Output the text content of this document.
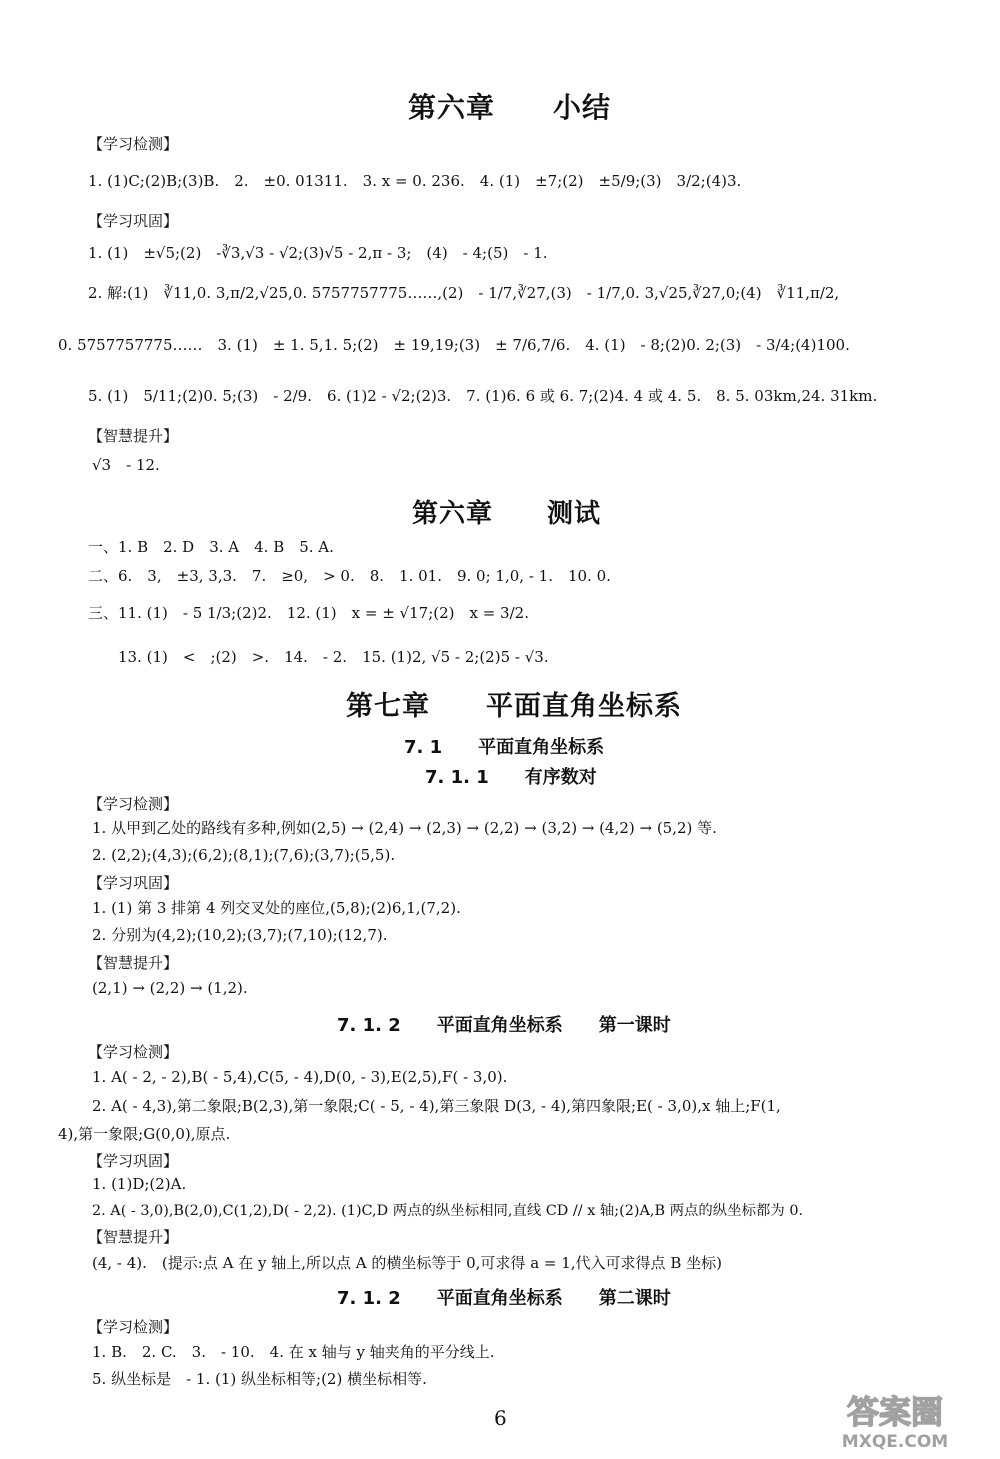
第六章　　小结
【学习检测】
1. (1)C;(2)B;(3)B.　2.　±0. 01311.　3. x = 0. 236.　4. (1)　±7;(2)　±5/9;(3)　3/2;(4)3.
【学习巩固】
1. (1)　±√5;(2)　-∛3,√3 - √2;(3)√5 - 2,π - 3;　(4)　- 4;(5)　- 1.
2. 解:(1)　∛11,0. 3,π/2,√25,0. 5757757775……,(2)　- 1/7,∛27,(3)　- 1/7,0. 3,√25,∛27,0;(4)　∛11,π/2,
0. 5757757775……　3. (1)　± 1. 5,1. 5;(2)　± 19,19;(3)　± 7/6,7/6.　4. (1)　- 8;(2)0. 2;(3)　- 3/4;(4)100.
5. (1)　5/11;(2)0. 5;(3)　- 2/9.　6. (1)2 - √2;(2)3.　7. (1)6. 6 或 6. 7;(2)4. 4 或 4. 5.　8. 5. 03km,24. 31km.
【智慧提升】
√3　- 12.
第六章　　测试
一、1. B　2. D　3. A　4. B　5. A.
二、6.　3,　±3, 3,3.　7.　≥0,　> 0.　8.　1. 01.　9. 0; 1,0, - 1.　10. 0.
三、11. (1)　- 5 1/3;(2)2.　12. (1)　x = ± √17;(2)　x = 3/2.
13. (1)　<　;(2)　>.　14.　- 2.　15. (1)2, √5 - 2;(2)5 - √3.
第七章　　平面直角坐标系
7. 1　　平面直角坐标系
7. 1. 1　　有序数对
【学习检测】
1. 从甲到乙处的路线有多种,例如(2,5) → (2,4) → (2,3) → (2,2) → (3,2) → (4,2) → (5,2) 等.
2. (2,2);(4,3);(6,2);(8,1);(7,6);(3,7);(5,5).
【学习巩固】
1. (1) 第 3 排第 4 列交叉处的座位,(5,8);(2)6,1,(7,2).
2. 分别为(4,2);(10,2);(3,7);(7,10);(12,7).
【智慧提升】
(2,1) → (2,2) → (1,2).
7. 1. 2　　平面直角坐标系　　第一课时
【学习检测】
1. A( - 2, - 2),B( - 5,4),C(5, - 4),D(0, - 3),E(2,5),F( - 3,0).
2. A( - 4,3),第二象限;B(2,3),第一象限;C( - 5, - 4),第三象限 D(3, - 4),第四象限;E( - 3,0),x 轴上;F(1,
4),第一象限;G(0,0),原点.
【学习巩固】
1. (1)D;(2)A.
2. A( - 3,0),B(2,0),C(1,2),D( - 2,2). (1)C,D 两点的纵坐标相同,直线 CD // x 轴;(2)A,B 两点的纵坐标都为 0.
【智慧提升】
(4, - 4).　(提示:点 A 在 y 轴上,所以点 A 的横坐标等于 0,可求得 a = 1,代入可求得点 B 坐标)
7. 1. 2　　平面直角坐标系　　第二课时
【学习检测】
1. B.　2. C.　3.　- 10.　4. 在 x 轴与 y 轴夹角的平分线上.
5. 纵坐标是　- 1. (1) 纵坐标相等;(2) 横坐标相等.
6	答案圈
MXQE.COM
